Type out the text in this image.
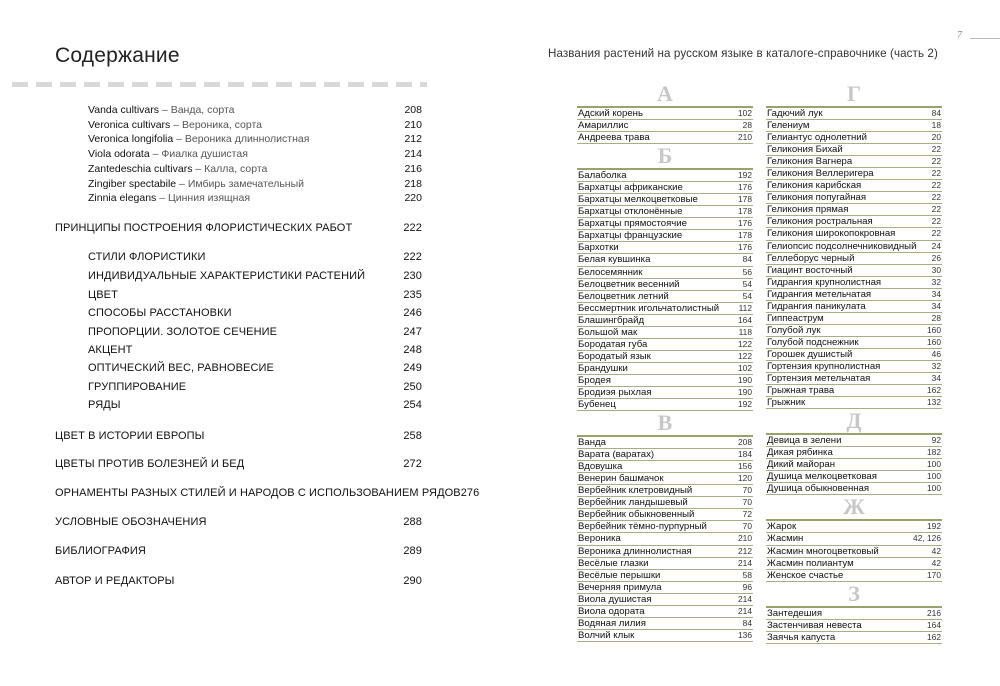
Содержание
Vanda cultivars – Ванда, сорта	208
Veronica cultivars – Вероника, сорта	210
Veronica longifolia – Вероника длиннолистная	212
Viola odorata – Фиалка душистая	214
Zantedeschia cultivars – Калла, сорта	216
Zingiber spectabile – Имбирь замечательный	218
Zinnia elegans – Цинния изящная	220
ПРИНЦИПЫ ПОСТРОЕНИЯ ФЛОРИСТИЧЕСКИХ РАБОТ	222
СТИЛИ ФЛОРИСТИКИ	222
ИНДИВИДУАЛЬНЫЕ ХАРАКТЕРИСТИКИ РАСТЕНИЙ	230
ЦВЕТ	235
СПОСОБЫ РАССТАНОВКИ	246
ПРОПОРЦИИ. ЗОЛОТОЕ СЕЧЕНИЕ	247
АКЦЕНТ	248
ОПТИЧЕСКИЙ ВЕС, РАВНОВЕСИЕ	249
ГРУППИРОВАНИЕ	250
РЯДЫ	254
ЦВЕТ В ИСТОРИИ ЕВРОПЫ	258
ЦВЕТЫ ПРОТИВ БОЛЕЗНЕЙ И БЕД	272
ОРНАМЕНТЫ РАЗНЫХ СТИЛЕЙ И НАРОДОВ С ИСПОЛЬЗОВАНИЕМ РЯДОВ 276
УСЛОВНЫЕ ОБОЗНАЧЕНИЯ	288
БИБЛИОГРАФИЯ	289
АВТОР И РЕДАКТОРЫ	290
7
Названия растений на русском языке в каталоге-справочнике (часть 2)
А
Адский корень	102
Амариллис	28
Андреева трава	210
Б
Балаболка	192
Бархатцы африканские	176
Бархатцы мелкоцветковые	178
Бархатцы отклонённые	178
Бархатцы прямостоячие	176
Бархатцы французские	178
Бархотки	176
Белая кувшинка	84
Белосемянник	56
Белоцветник весенний	54
Белоцветник летний	54
Бессмертник игольчатолистный 112
Блашингбрайд	164
Большой мак	118
Бородатая губа	122
Бородатый язык	122
Брандушки	102
Бродея	190
Бродиэя рыхлая	190
Бубенец	192
В
Ванда	208
Варата (варатах)	184
Вдовушка	156
Венерин башмачок	120
Вербейник клетровидный	70
Вербейник ландышевый	70
Вербейник обыкновенный	72
Вербейник тёмно-пурпурный	70
Вероника	210
Вероника длиннолистная	212
Весёлые глазки	214
Весёлые перышки	58
Вечерняя примула	96
Виола душистая	214
Виола одората	214
Водяная лилия	84
Волчий клык	136
Г
Гадючий лук	84
Гелениум	18
Гелиантус однолетний	20
Геликония Бихай	22
Геликония Вагнера	22
Геликония Веллеригера	22
Геликония карибская	22
Геликония попугайная	22
Геликония прямая	22
Геликония ростральная	22
Геликония широкопокровная	22
Гелиопсис подсолнечниковидный 24
Геллеборус черный	26
Гиацинт восточный	30
Гидрангия крупнолистная	32
Гидрангия метельчатая	34
Гидрангия паникулата	34
Гиппеаструм	28
Голубой лук	160
Голубой подснежник	160
Горошек душистый	46
Гортензия крупнолистная	32
Гортензия метельчатая	34
Грыжная трава	162
Грыжник	132
Д
Девица в зелени	92
Дикая рябинка	182
Дикий майоран	100
Душица мелкоцветковая	100
Душица обыкновенная	100
Ж
Жарок	192
Жасмин	42, 126
Жасмин многоцветковый	42
Жасмин полиантум	42
Женское счастье	170
З
Зантедешия	216
Застенчивая невеста	164
Заячья капуста	162
